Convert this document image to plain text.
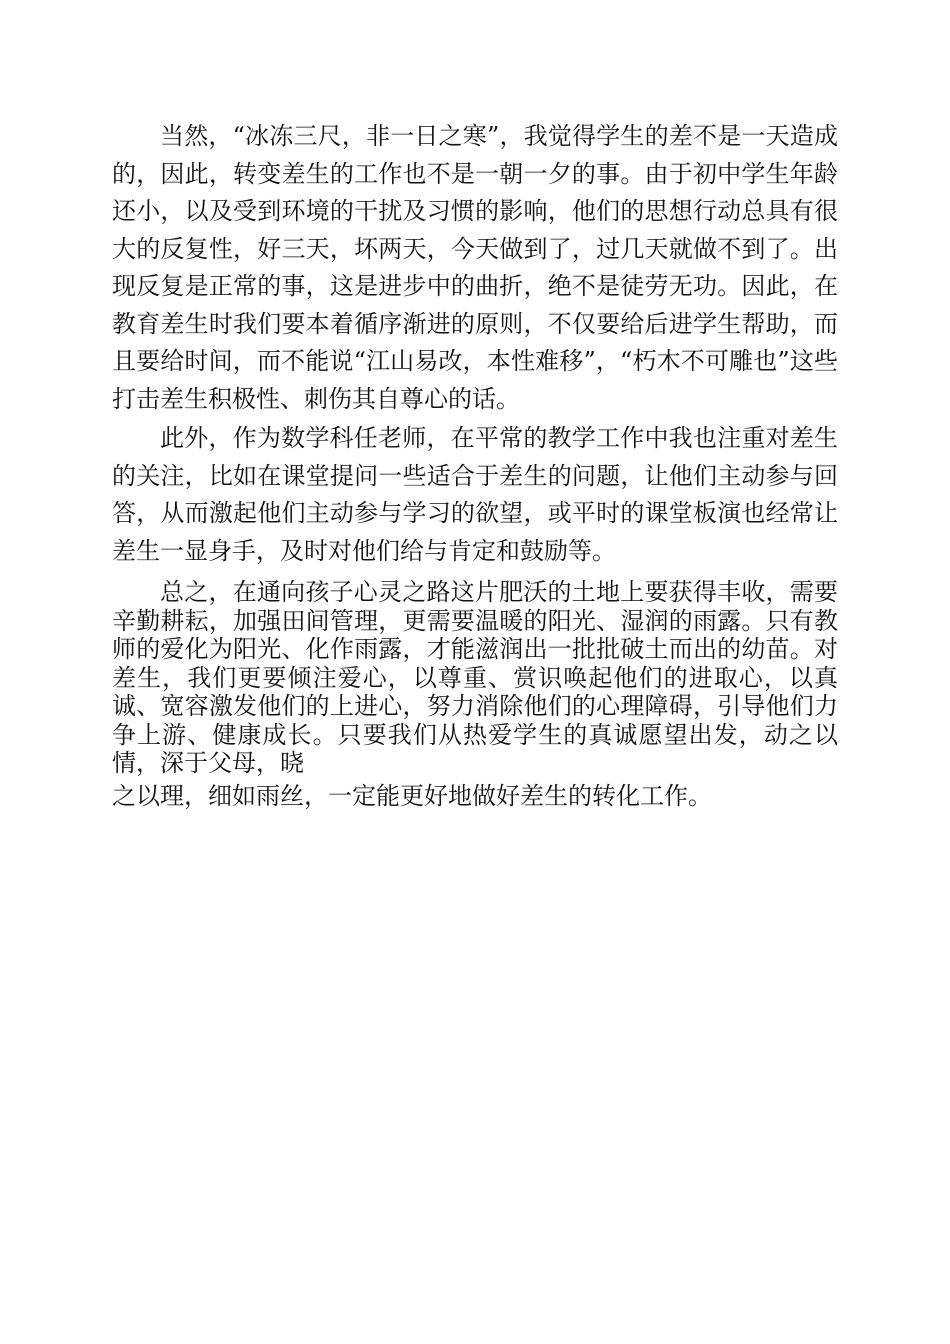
当然，“冰冻三尺，非一日之寒”，我觉得学生的差不是一天造成的，因此，转变差生的工作也不是一朝一夕的事。由于初中学生年龄还小，以及受到环境的干扰及习惯的影响，他们的思想行动总具有很大的反复性，好三天，坏两天，今天做到了，过几天就做不到了。出现反复是正常的事，这是进步中的曲折，绝不是徒劳无功。因此，在教育差生时我们要本着循序渐进的原则，不仅要给后进学生帮助，而且要给时间，而不能说“江山易改，本性难移”，“朽木不可雕也”这些打击差生积极性、刺伤其自尊心的话。

此外，作为数学科任老师，在平常的教学工作中我也注重对差生的关注，比如在课堂提问一些适合于差生的问题，让他们主动参与回答，从而激起他们主动参与学习的欲望，或平时的课堂板演也经常让差生一显身手，及时对他们给与肯定和鼓励等。

总之，在通向孩子心灵之路这片肥沃的土地上要获得丰收，需要辛勤耕耘，加强田间管理，更需要温暖的阳光、湿润的雨露。只有教师的爱化为阳光、化作雨露，才能滋润出一批批破土而出的幼苗。对差生，我们更要倾注爱心，以尊重、赏识唤起他们的进取心，以真诚、宽容激发他们的上进心，努力消除他们的心理障碍，引导他们力争上游、健康成长。只要我们从热爱学生的真诚愿望出发，动之以情，深于父母，晓
之以理，细如雨丝，一定能更好地做好差生的转化工作。
